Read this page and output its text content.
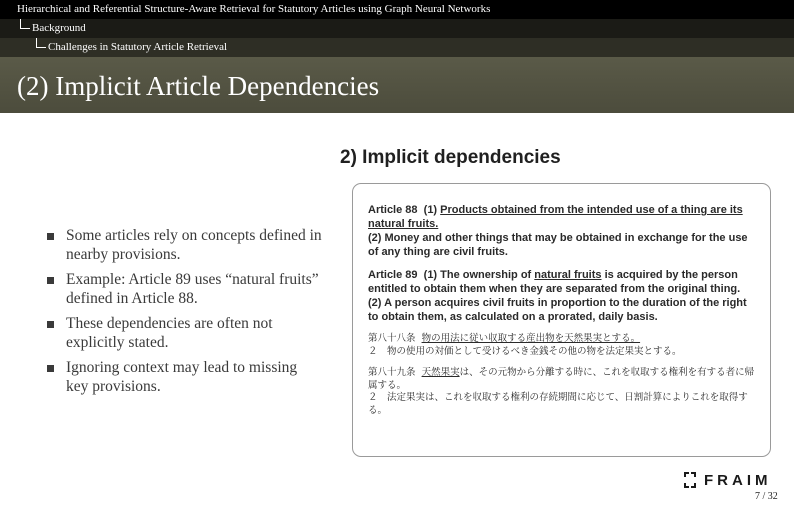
Hierarchical and Referential Structure-Aware Retrieval for Statutory Articles using Graph Neural Networks
Background
Challenges in Statutory Article Retrieval
(2) Implicit Article Dependencies
Some articles rely on concepts defined in nearby provisions.
Example: Article 89 uses “natural fruits” defined in Article 88.
These dependencies are often not explicitly stated.
Ignoring context may lead to missing key provisions.
2) Implicit dependencies

Article 88 (1) Products obtained from the intended use of a thing are its natural fruits.
(2) Money and other things that may be obtained in exchange for the use of any thing are civil fruits.

Article 89 (1) The ownership of natural fruits is acquired by the person entitled to obtain them when they are separated from the original thing.
(2) A person acquires civil fruits in proportion to the duration of the right to obtain them, as calculated on a prorated, daily basis.

第八十八条 物の用法に従い収取する産出物を天然果実とする。
２　物の使用の対価として受けるべき金銭その他の物を法定果実とする。

第八十九条 天然果実は、その元物から分離する時に、これを収取する権利を有する者に帰属する。
２　法定果実は、これを収取する権利の存続期間に応じて、日割計算によりこれを取得する。

FRAIM
7 / 32
